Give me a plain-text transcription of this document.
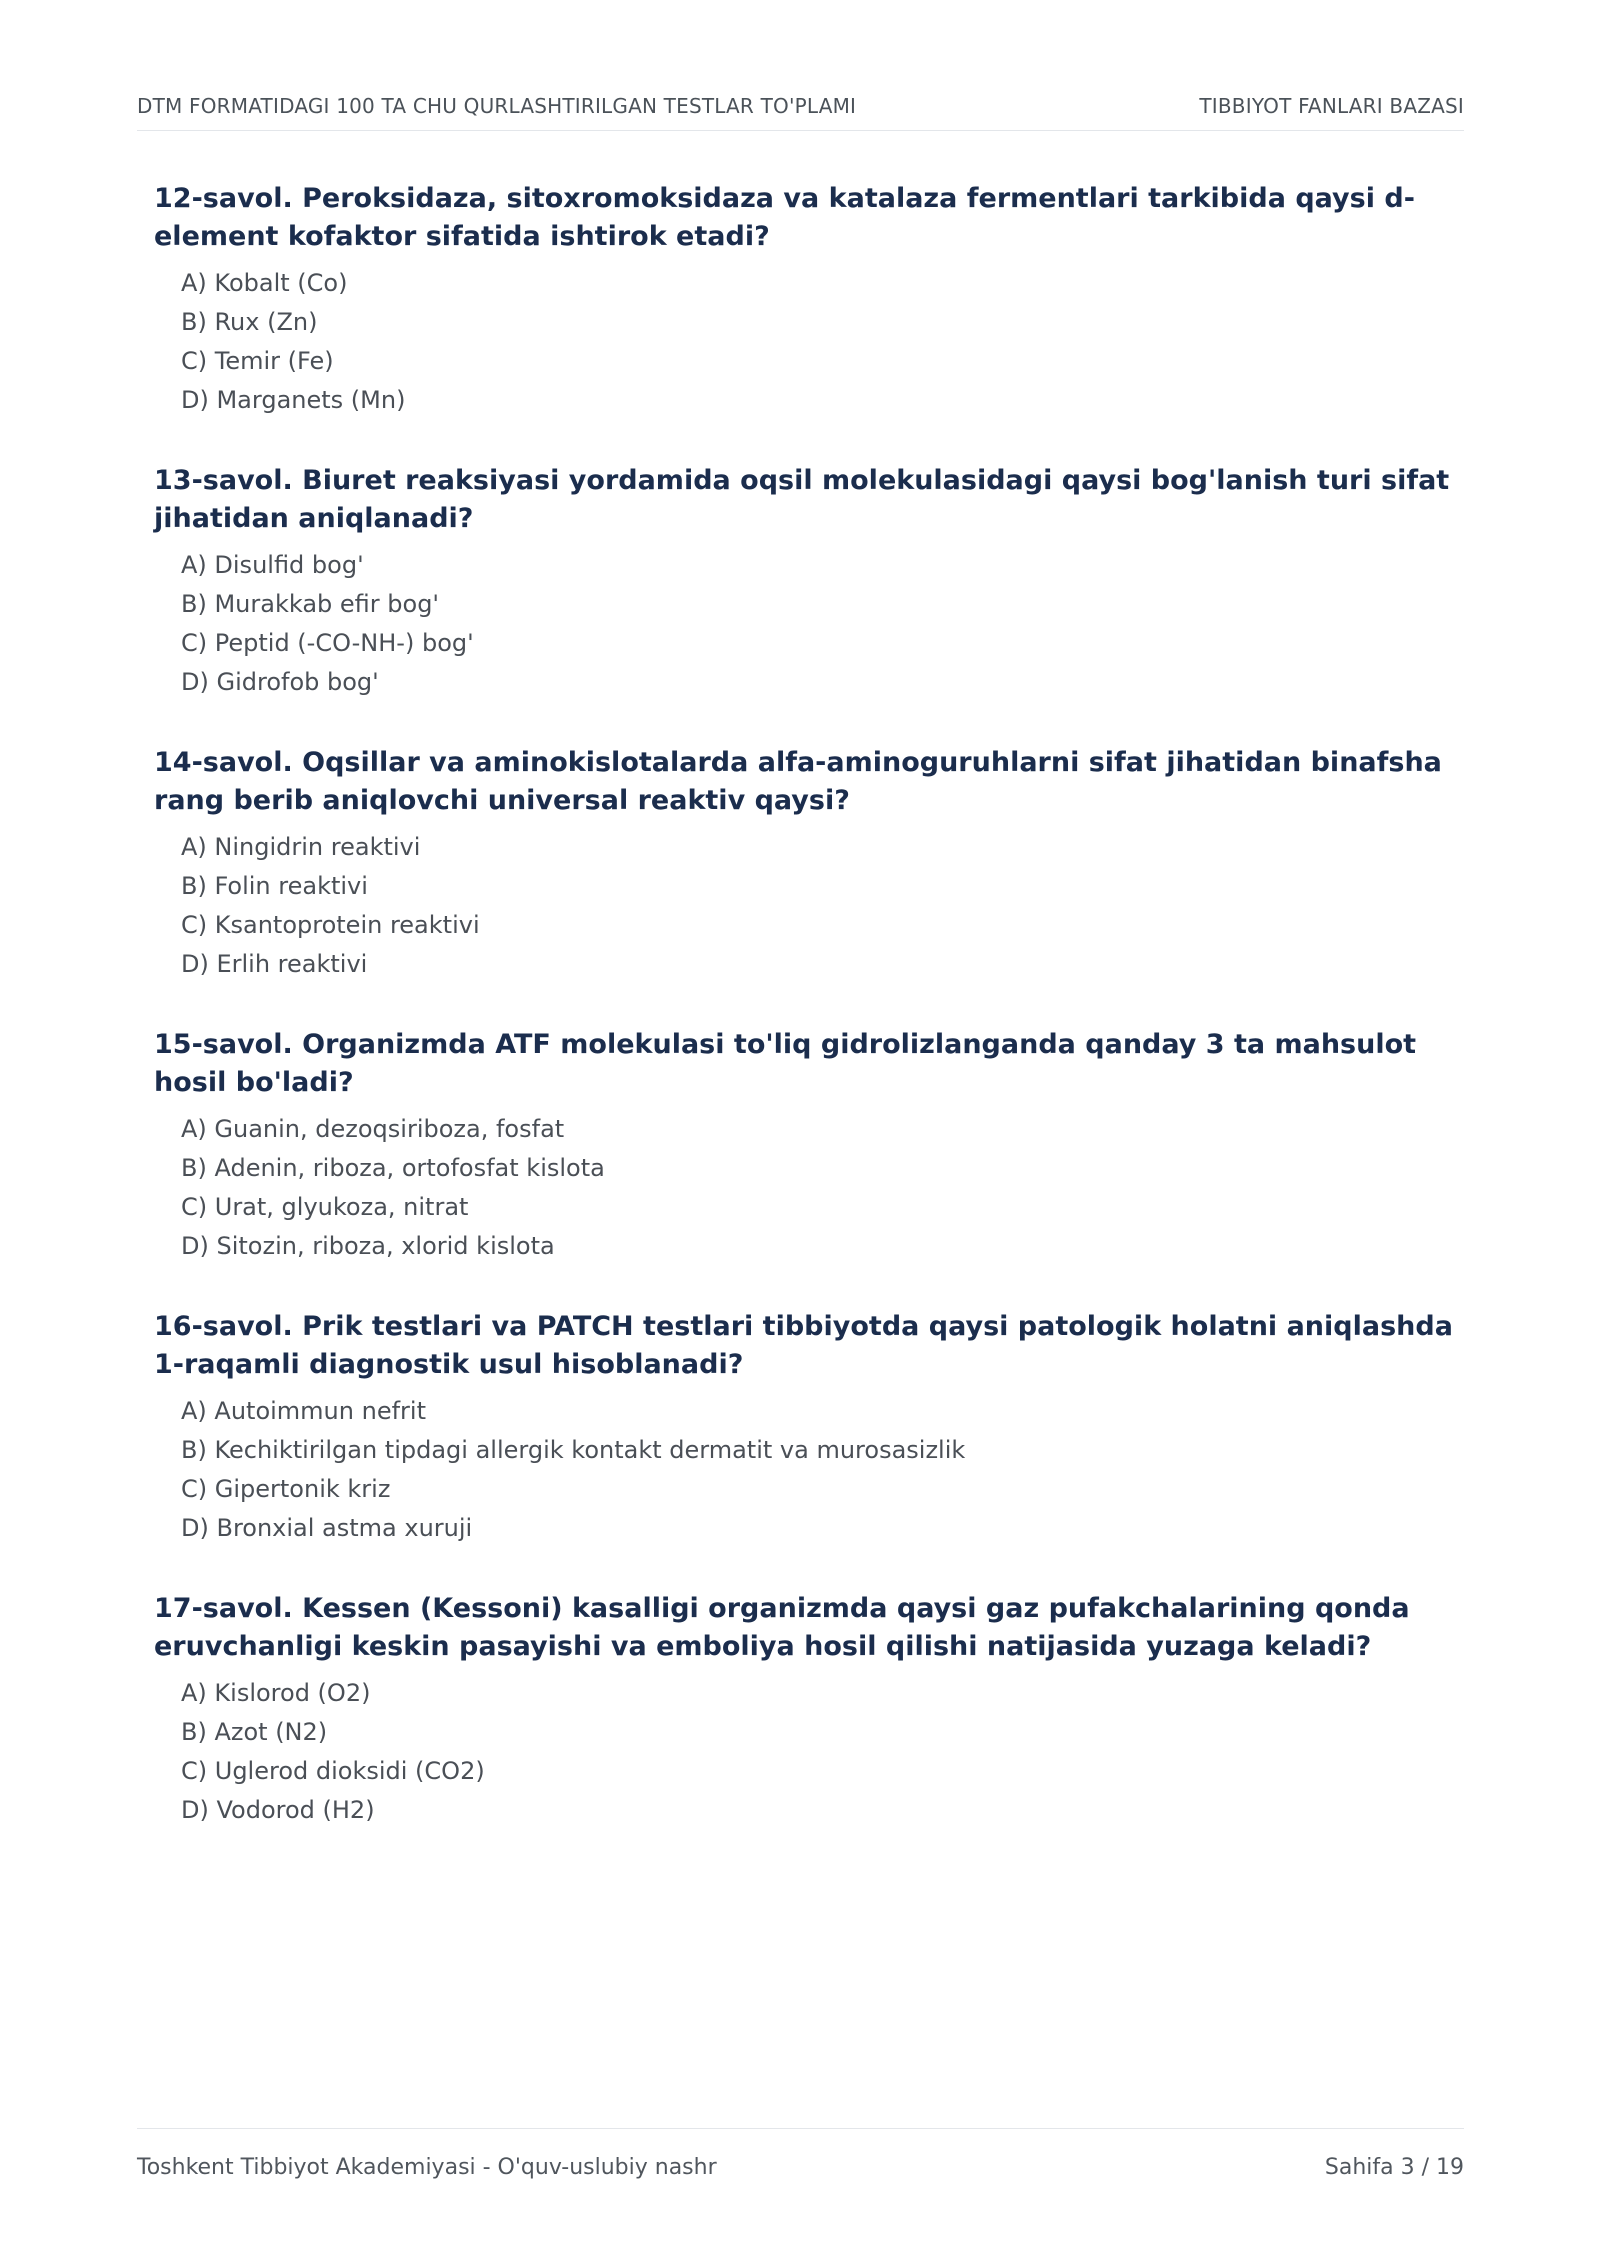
DTM FORMATIDAGI 100 TA CHU QURLASHTIRILGAN TESTLAR TO'PLAMI	TIBBIYOT FANLARI BAZASI

12-savol. Peroksidaza, sitoxromoksidaza va katalaza fermentlari tarkibida qaysi d-element kofaktor sifatida ishtirok etadi?

A) Kobalt (Co)
B) Rux (Zn)
C) Temir (Fe)
D) Marganets (Mn)

13-savol. Biuret reaksiyasi yordamida oqsil molekulasidagi qaysi bog'lanish turi sifat jihatidan aniqlanadi?

A) Disulfid bog'
B) Murakkab efir bog'
C) Peptid (-CO-NH-) bog'
D) Gidrofob bog'

14-savol. Oqsillar va aminokislotalarda alfa-aminoguruhlarni sifat jihatidan binafsha rang berib aniqlovchi universal reaktiv qaysi?

A) Ningidrin reaktivi
B) Folin reaktivi
C) Ksantoprotein reaktivi
D) Erlih reaktivi

15-savol. Organizmda ATF molekulasi to'liq gidrolizlanganda qanday 3 ta mahsulot hosil bo'ladi?

A) Guanin, dezoqsiriboza, fosfat
B) Adenin, riboza, ortofosfat kislota
C) Urat, glyukoza, nitrat
D) Sitozin, riboza, xlorid kislota

16-savol. Prik testlari va PATCH testlari tibbiyotda qaysi patologik holatni aniqlashda 1-raqamli diagnostik usul hisoblanadi?

A) Autoimmun nefrit
B) Kechiktirilgan tipdagi allergik kontakt dermatit va murosasizlik
C) Gipertonik kriz
D) Bronxial astma xuruji

17-savol. Kessen (Kessoni) kasalligi organizmda qaysi gaz pufakchalarining qonda eruvchanligi keskin pasayishi va emboliya hosil qilishi natijasida yuzaga keladi?

A) Kislorod (O2)
B) Azot (N2)
C) Uglerod dioksidi (CO2)
D) Vodorod (H2)
Toshkent Tibbiyot Akademiyasi - O'quv-uslubiy nashr	Sahifa 3 / 19
